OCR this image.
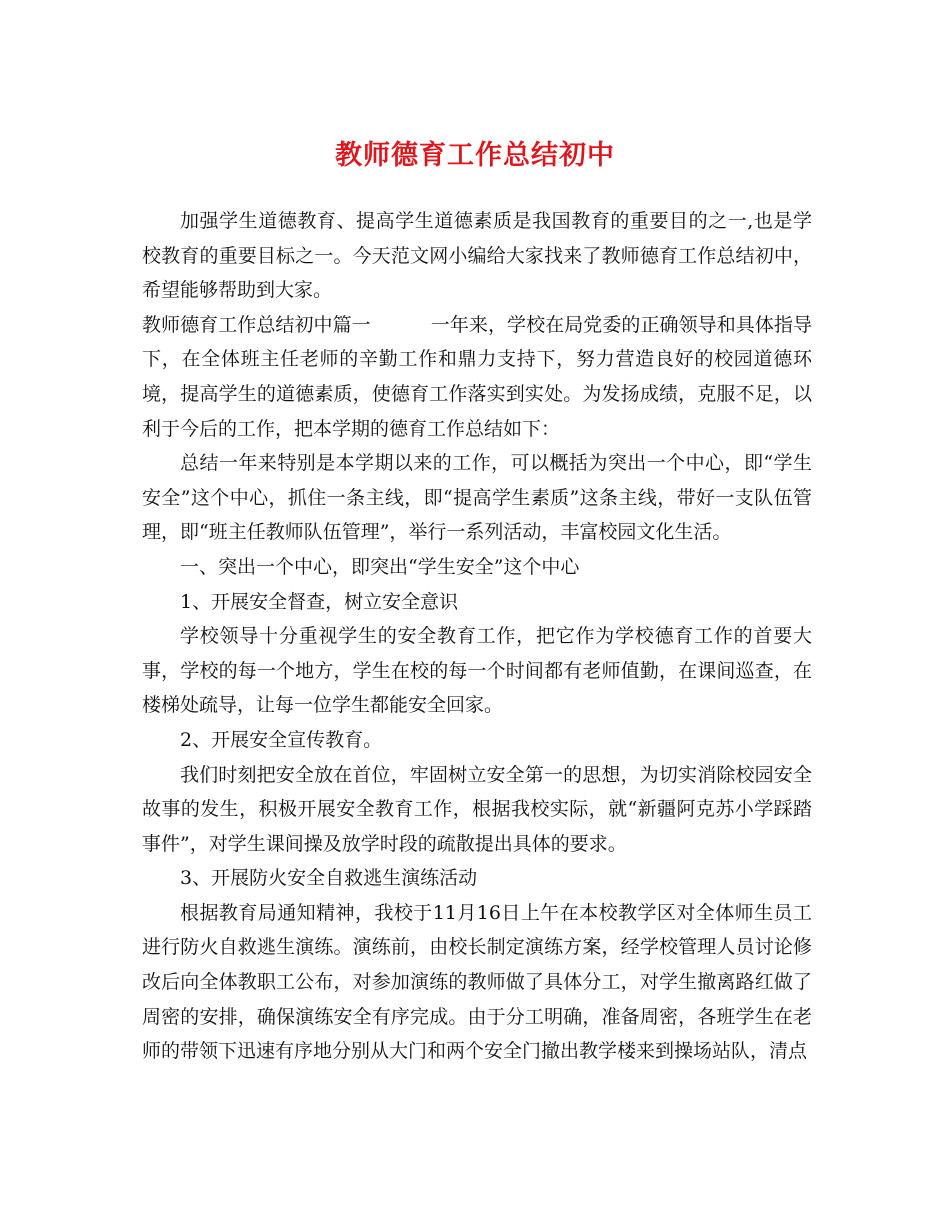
教师德育工作总结初中

加强学生道德教育、提高学生道德素质是我国教育的重要目的之一,也是学校教育的重要目标之一。今天范文网小编给大家找来了教师德育工作总结初中，希望能够帮助到大家。

教师德育工作总结初中篇一	一年来，学校在局党委的正确领导和具体指导下，在全体班主任老师的辛勤工作和鼎力支持下，努力营造良好的校园道德环境，提高学生的道德素质，使德育工作落实到实处。为发扬成绩，克服不足，以利于今后的工作，把本学期的德育工作总结如下：

总结一年来特别是本学期以来的工作，可以概括为突出一个中心，即“学生安全”这个中心，抓住一条主线，即“提高学生素质”这条主线，带好一支队伍管理，即“班主任教师队伍管理”，举行一系列活动，丰富校园文化生活。

一、突出一个中心，即突出“学生安全”这个中心

1、开展安全督查，树立安全意识

学校领导十分重视学生的安全教育工作，把它作为学校德育工作的首要大事，学校的每一个地方，学生在校的每一个时间都有老师值勤，在课间巡查，在楼梯处疏导，让每一位学生都能安全回家。

2、开展安全宣传教育。

我们时刻把安全放在首位，牢固树立安全第一的思想，为切实消除校园安全故事的发生，积极开展安全教育工作，根据我校实际，就“新疆阿克苏小学踩踏事件”，对学生课间操及放学时段的疏散提出具体的要求。

3、开展防火安全自救逃生演练活动

根据教育局通知精神，我校于11月16日上午在本校教学区对全体师生员工进行防火自救逃生演练。演练前，由校长制定演练方案，经学校管理人员讨论修改后向全体教职工公布，对参加演练的教师做了具体分工，对学生撤离路红做了周密的安排，确保演练安全有序完成。由于分工明确，准备周密，各班学生在老师的带领下迅速有序地分别从大门和两个安全门撤出教学楼来到操场站队，清点
